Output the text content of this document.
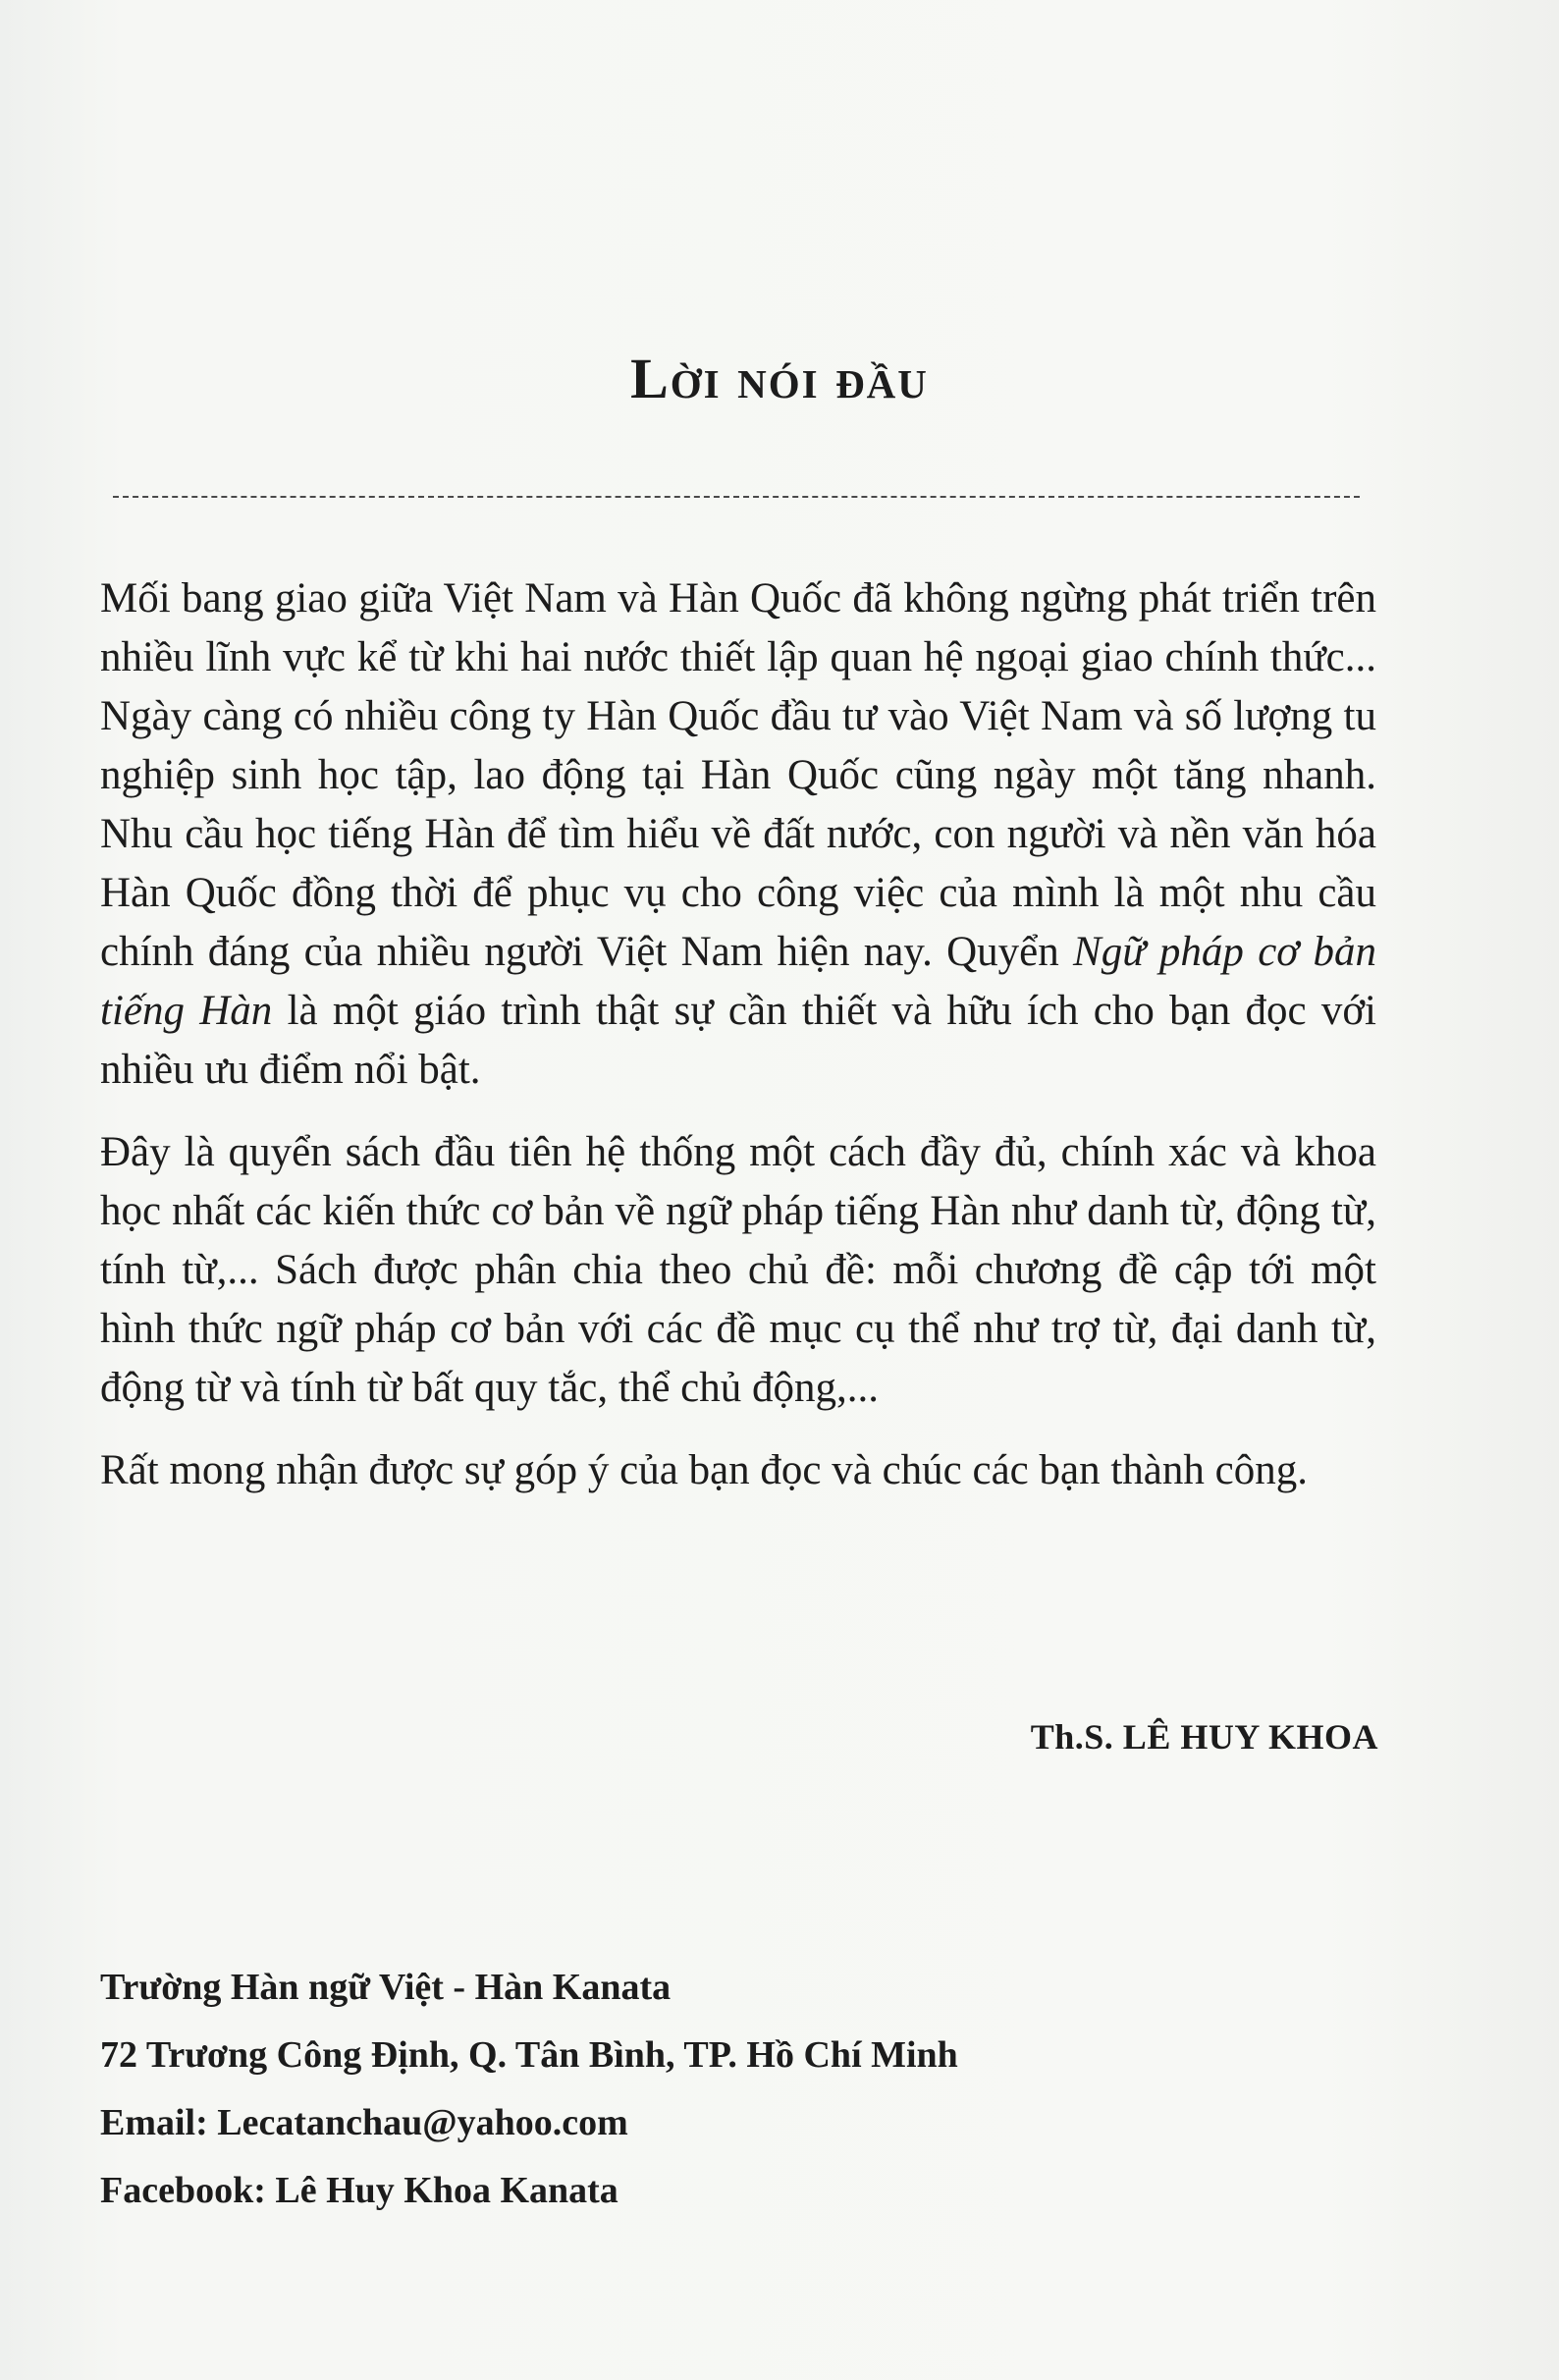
Lời nói đầu

Mối bang giao giữa Việt Nam và Hàn Quốc đã không ngừng phát triển trên nhiều lĩnh vực kể từ khi hai nước thiết lập quan hệ ngoại giao chính thức... Ngày càng có nhiều công ty Hàn Quốc đầu tư vào Việt Nam và số lượng tu nghiệp sinh học tập, lao động tại Hàn Quốc cũng ngày một tăng nhanh. Nhu cầu học tiếng Hàn để tìm hiểu về đất nước, con người và nền văn hóa Hàn Quốc đồng thời để phục vụ cho công việc của mình là một nhu cầu chính đáng của nhiều người Việt Nam hiện nay. Quyển Ngữ pháp cơ bản tiếng Hàn là một giáo trình thật sự cần thiết và hữu ích cho bạn đọc với nhiều ưu điểm nổi bật.

Đây là quyển sách đầu tiên hệ thống một cách đầy đủ, chính xác và khoa học nhất các kiến thức cơ bản về ngữ pháp tiếng Hàn như danh từ, động từ, tính từ,... Sách được phân chia theo chủ đề: mỗi chương đề cập tới một hình thức ngữ pháp cơ bản với các đề mục cụ thể như trợ từ, đại danh từ, động từ và tính từ bất quy tắc, thể chủ động,...

Rất mong nhận được sự góp ý của bạn đọc và chúc các bạn thành công.

Th.S. LÊ HUY KHOA
Trường Hàn ngữ Việt - Hàn Kanata
72 Trương Công Định, Q. Tân Bình, TP. Hồ Chí Minh
Email: Lecatanchau@yahoo.com
Facebook: Lê Huy Khoa Kanata
